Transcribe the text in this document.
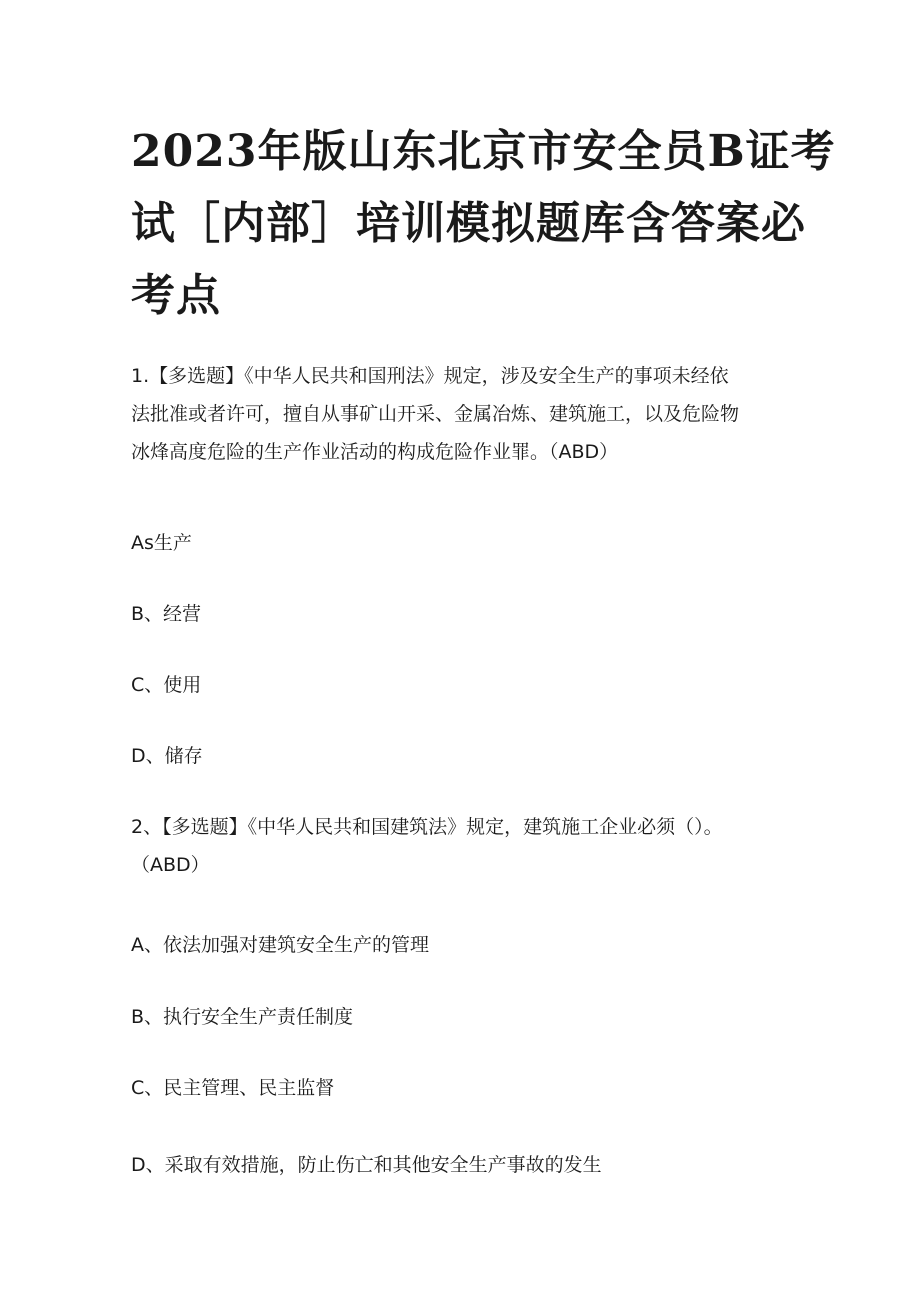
2023年版山东北京市安全员B证考
试［内部］培训模拟题库含答案必
考点
1.【多选题】《中华人民共和国刑法》规定，涉及安全生产的事项未经依
法批准或者许可，擅自从事矿山开采、金属冶炼、建筑施工，以及危险物
冰烽高度危险的生产作业活动的构成危险作业罪。（ABD）
As生产
B、经营
C、使用
D、储存
2、【多选题】《中华人民共和国建筑法》规定，建筑施工企业必须（）。
（ABD）
A、依法加强对建筑安全生产的管理
B、执行安全生产责任制度
C、民主管理、民主监督
D、采取有效措施，防止伤亡和其他安全生产事故的发生
